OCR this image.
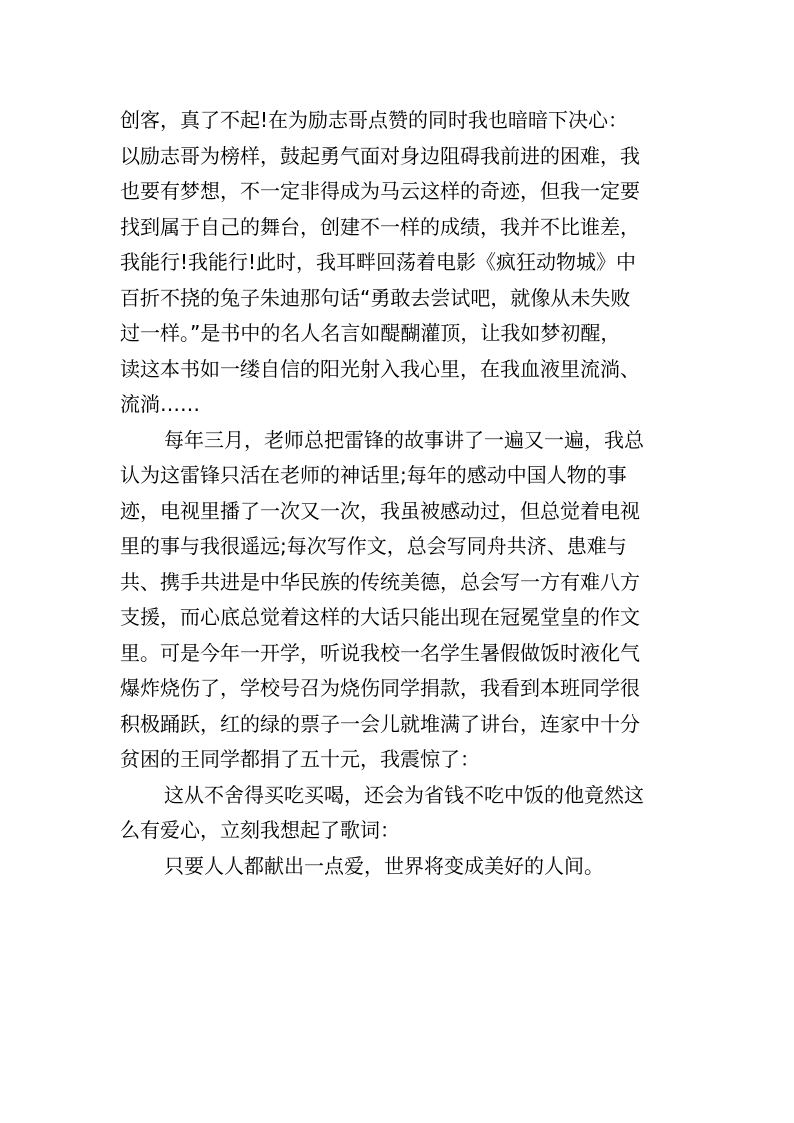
创客，真了不起!在为励志哥点赞的同时我也暗暗下决心：
以励志哥为榜样，鼓起勇气面对身边阻碍我前进的困难，我
也要有梦想，不一定非得成为马云这样的奇迹，但我一定要
找到属于自己的舞台，创建不一样的成绩，我并不比谁差，
我能行!我能行!此时，我耳畔回荡着电影《疯狂动物城》中
百折不挠的兔子朱迪那句话“勇敢去尝试吧，就像从未失败
过一样。”是书中的名人名言如醍醐灌顶，让我如梦初醒，
读这本书如一缕自信的阳光射入我心里，在我血液里流淌、
流淌……
每年三月，老师总把雷锋的故事讲了一遍又一遍，我总
认为这雷锋只活在老师的神话里;每年的感动中国人物的事
迹，电视里播了一次又一次，我虽被感动过，但总觉着电视
里的事与我很遥远;每次写作文，总会写同舟共济、患难与
共、携手共进是中华民族的传统美德，总会写一方有难八方
支援，而心底总觉着这样的大话只能出现在冠冕堂皇的作文
里。可是今年一开学，听说我校一名学生暑假做饭时液化气
爆炸烧伤了，学校号召为烧伤同学捐款，我看到本班同学很
积极踊跃，红的绿的票子一会儿就堆满了讲台，连家中十分
贫困的王同学都捐了五十元，我震惊了：
这从不舍得买吃买喝，还会为省钱不吃中饭的他竟然这
么有爱心，立刻我想起了歌词：
只要人人都献出一点爱，世界将变成美好的人间。
